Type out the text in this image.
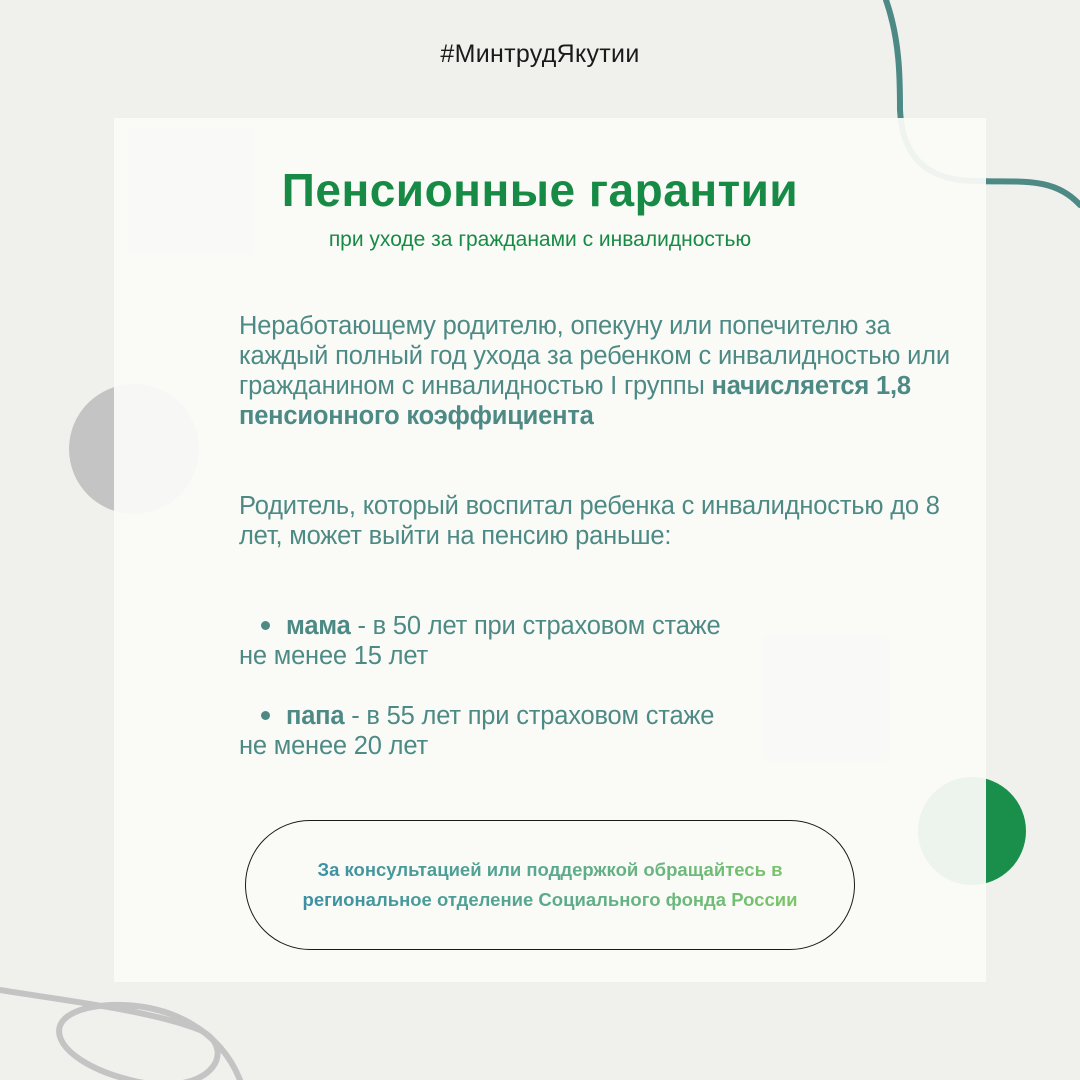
#МинтрудЯкутии
Пенсионные гарантии
при уходе за гражданами с инвалидностью

Неработающему родителю, опекуну или попечителю за каждый полный год ухода за ребенком с инвалидностью или гражданином с инвалидностью I группы начисляется 1,8 пенсионного коэффициента

Родитель, который воспитал ребенка с инвалидностью до 8 лет, может выйти на пенсию раньше:

мама - в 50 лет при страховом стаже
не менее 15 лет
папа - в 55 лет при страховом стаже
не менее 20 лет
За консультацией или поддержкой обращайтесь в
региональное отделение Социального фонда России
